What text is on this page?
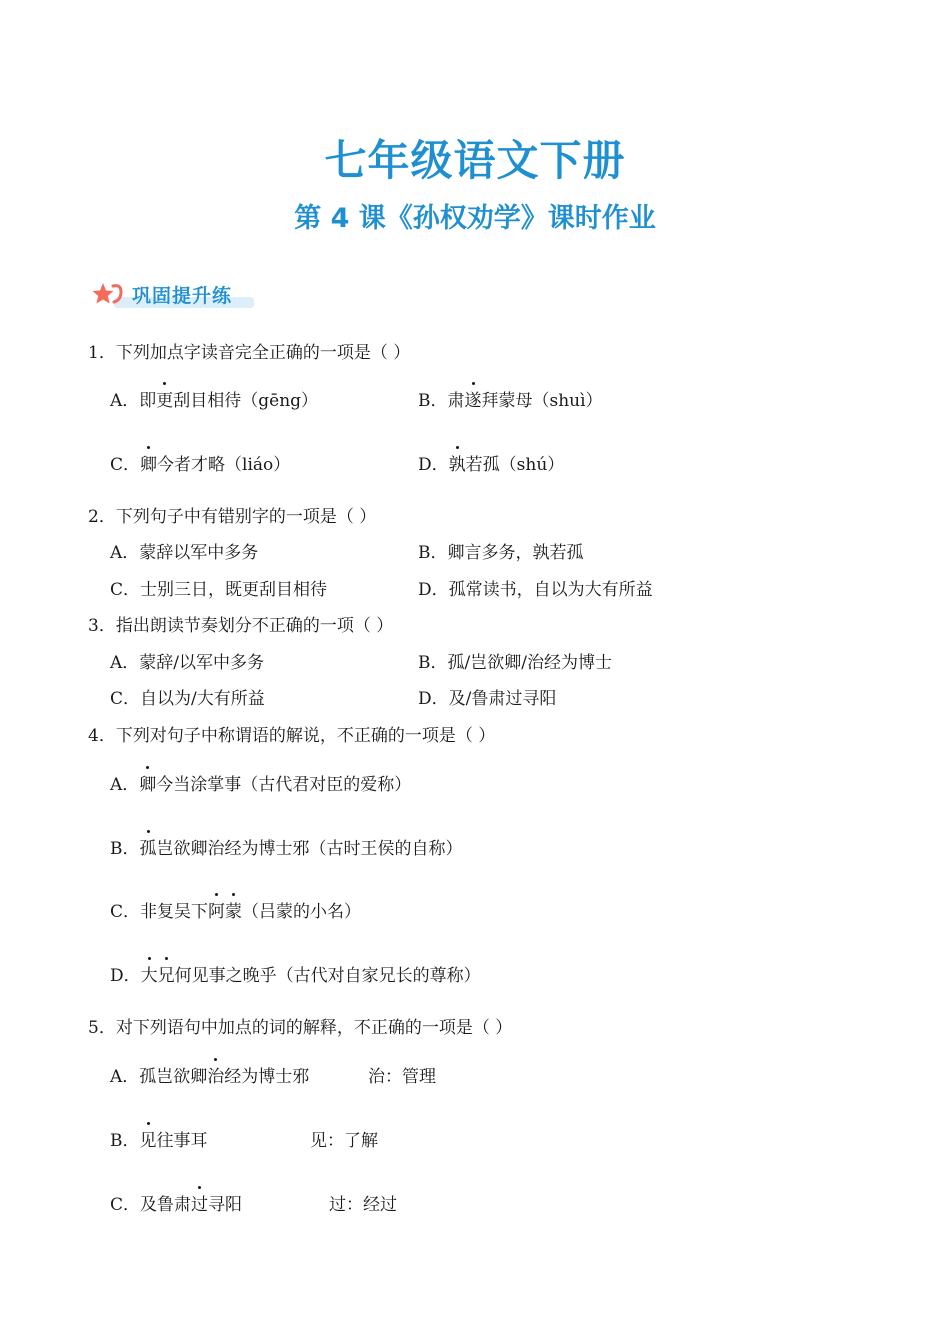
七年级语文下册
第 4 课《孙权劝学》课时作业
巩固提升练
1．下列加点字读音完全正确的一项是（ ）
A．即更刮目相待（gēng）	B．肃遂拜蒙母（shuì）
C．卿今者才略（liáo）	D．孰若孤（shú）
2．下列句子中有错别字的一项是（ ）
A．蒙辞以军中多务	B．卿言多务，孰若孤
C．士别三日，既更刮目相待	D．孤常读书，自以为大有所益
3．指出朗读节奏划分不正确的一项（ ）
A．蒙辞/以军中多务	B．孤/岂欲卿/治经为博士
C．自以为/大有所益	D．及/鲁肃过寻阳
4．下列对句子中称谓语的解说，不正确的一项是（ ）
A．卿今当涂掌事（古代君对臣的爱称）
B．孤岂欲卿治经为博士邪（古时王侯的自称）
C．非复吴下阿蒙（吕蒙的小名）
D．大兄何见事之晚乎（古代对自家兄长的尊称）
5．对下列语句中加点的词的解释，不正确的一项是（ ）
A．孤岂欲卿治经为博士邪	治：管理
B．见往事耳	见：了解
C．及鲁肃过寻阳	过：经过
